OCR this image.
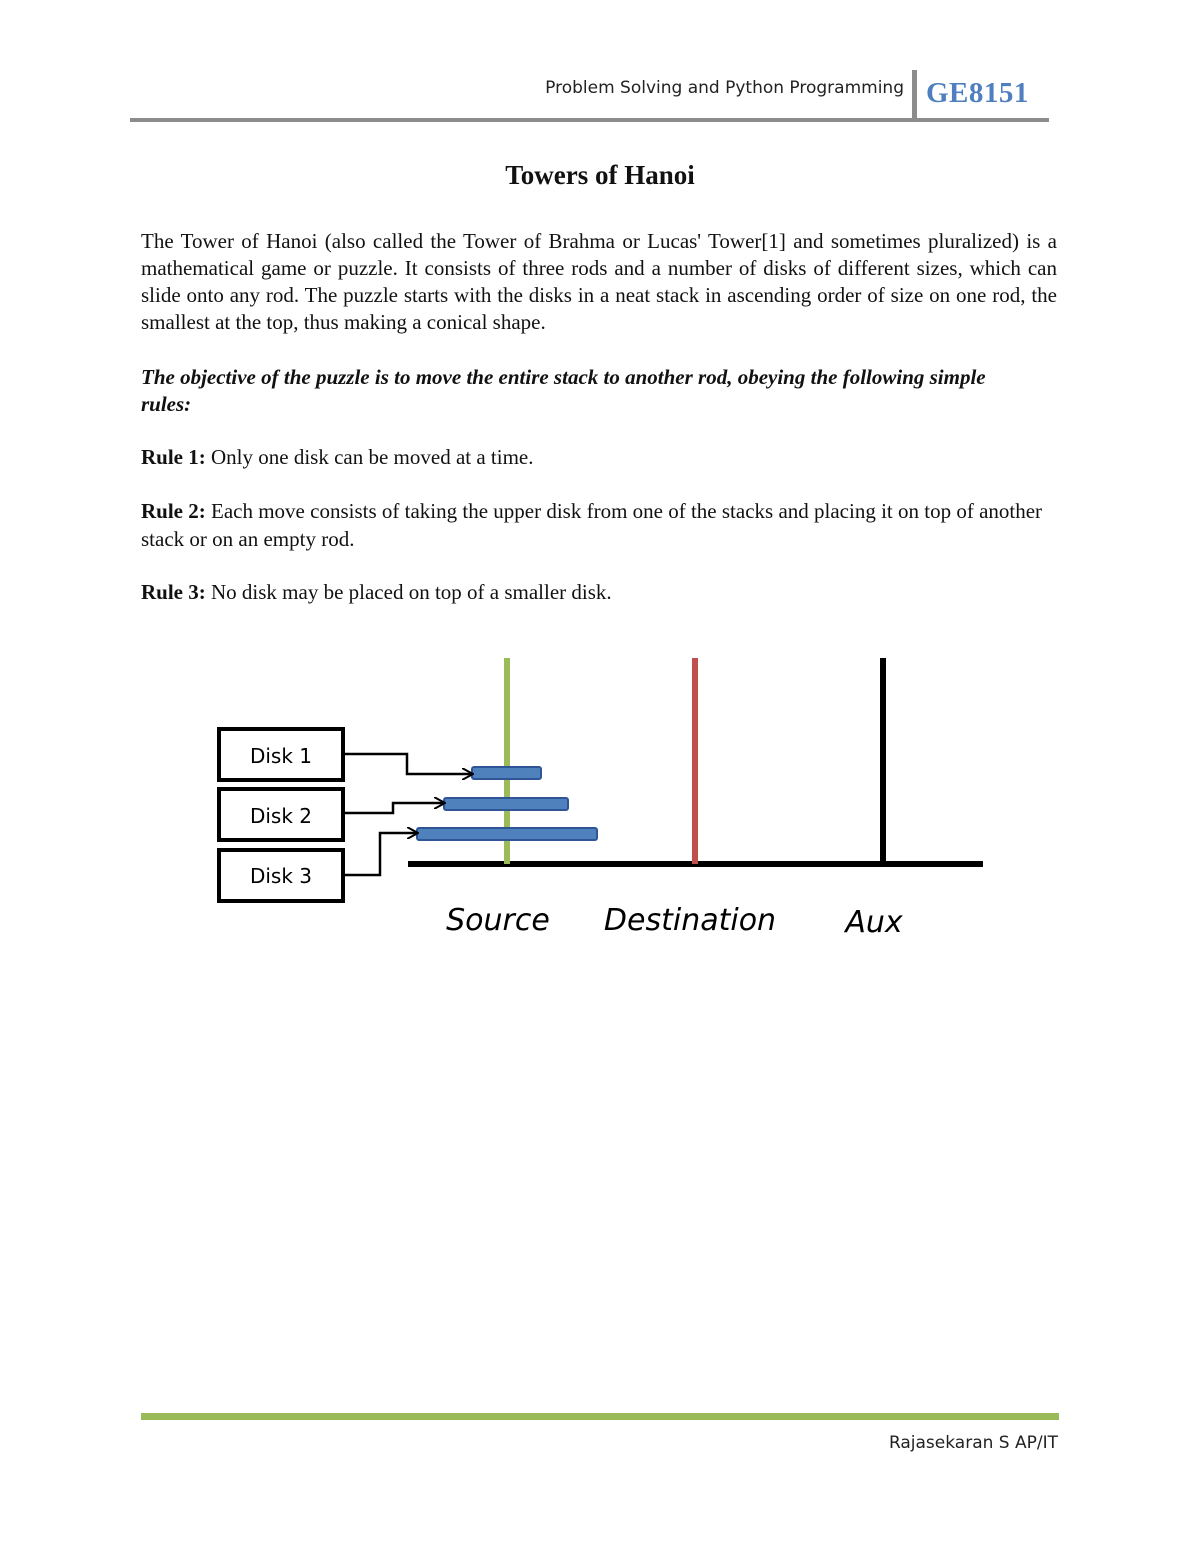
Problem Solving and Python Programming GE8151
Towers of Hanoi

The Tower of Hanoi (also called the Tower of Brahma or Lucas' Tower[1] and sometimes pluralized) is a mathematical game or puzzle. It consists of three rods and a number of disks of different sizes, which can slide onto any rod. The puzzle starts with the disks in a neat stack in ascending order of size on one rod, the smallest at the top, thus making a conical shape.

The objective of the puzzle is to move the entire stack to another rod, obeying the following simple rules:

Rule 1: Only one disk can be moved at a time.

Rule 2: Each move consists of taking the upper disk from one of the stacks and placing it on top of another stack or on an empty rod.

Rule 3: No disk may be placed on top of a smaller disk.

Disk 1
Disk 2
Disk 3
Source Destination Aux
Rajasekaran S AP/IT
